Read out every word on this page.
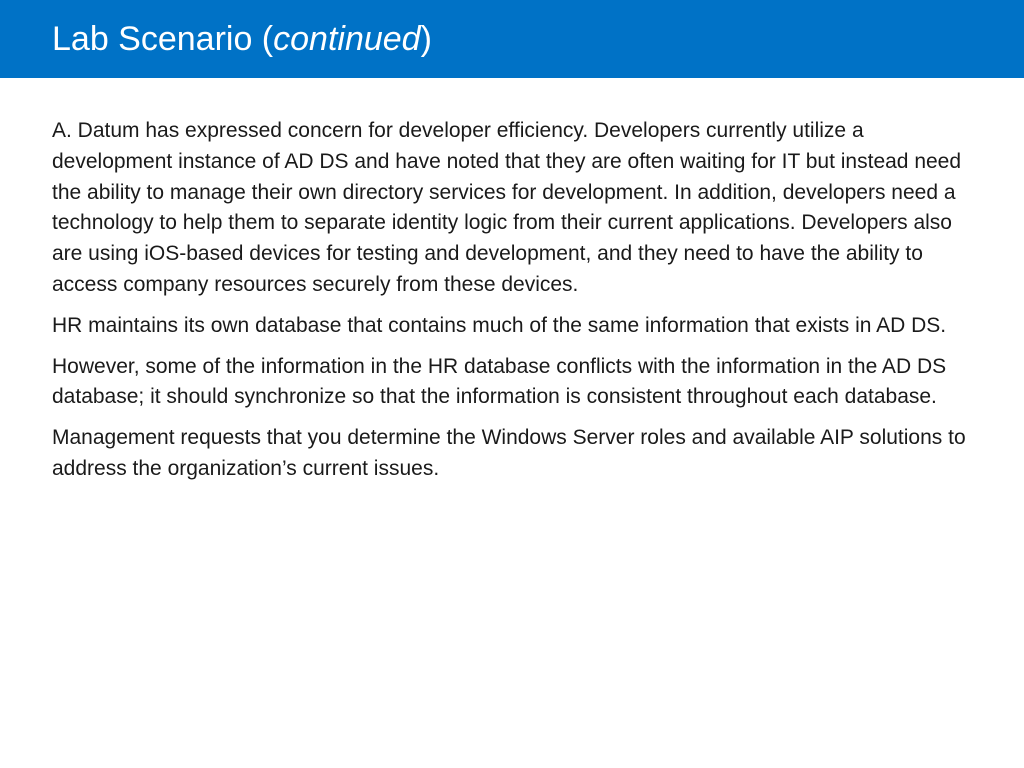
Lab Scenario (continued)

A. Datum has expressed concern for developer efficiency. Developers currently utilize a development instance of AD DS and have noted that they are often waiting for IT but instead need the ability to manage their own directory services for development. In addition, developers need a technology to help them to separate identity logic from their current applications. Developers also are using iOS-based devices for testing and development, and they need to have the ability to access company resources securely from these devices.

HR maintains its own database that contains much of the same information that exists in AD DS.

However, some of the information in the HR database conflicts with the information in the AD DS database; it should synchronize so that the information is consistent throughout each database.

Management requests that you determine the Windows Server roles and available AIP solutions to address the organization’s current issues.
